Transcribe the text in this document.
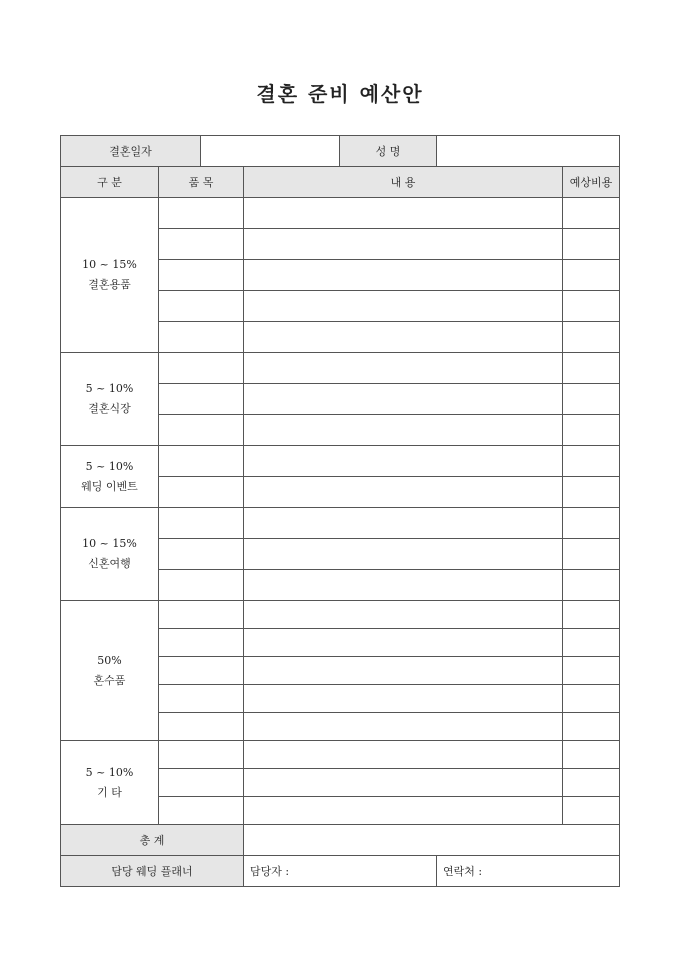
결혼 준비 예산안
결혼일자				성 명		
구 분	품 목		내 용			예상비용

10 ~ 15%
결혼용품						

5 ~ 10%
결혼식장						

5 ~ 10%
웨딩 이벤트						

10 ~ 15%
신혼여행						

50%
혼수품						

5 ~ 10%
기 타						

총 계						
담당 웨딩 플래너			담당자 :		연락처 :	
